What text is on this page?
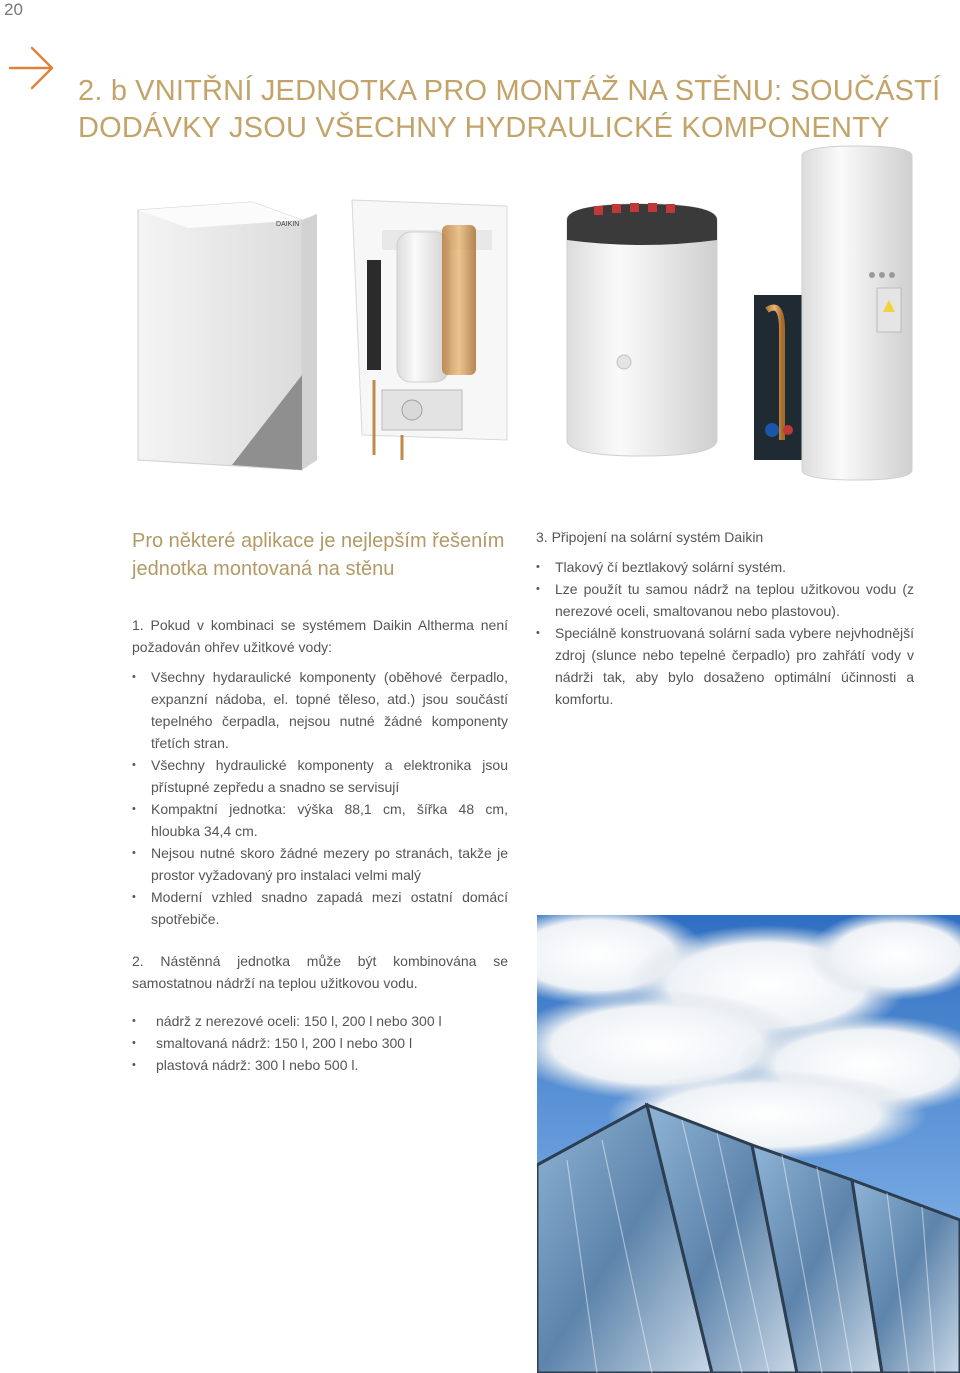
20
2. b VNITŘNÍ JEDNOTKA PRO MONTÁŽ NA STĚNU: SOUČÁSTÍ DODÁVKY JSOU VŠECHNY HYDRAULICKÉ KOMPONENTY
DAIKIN
Pro některé aplikace je nejlepším řešením jednotka montovaná na stěnu

1. Pokud v kombinaci se systémem Daikin Altherma není požadován ohřev užitkové vody:

• Všechny hydaraulické komponenty (oběhové čerpadlo, expanzní nádoba, el. topné těleso, atd.) jsou součástí tepelného čerpadla, nejsou nutné žádné komponenty třetích stran.
• Všechny hydraulické komponenty a elektronika jsou přístupné zepředu a snadno se servisují
• Kompaktní jednotka: výška 88,1 cm, šířka 48 cm, hloubka 34,4 cm.
• Nejsou nutné skoro žádné mezery po stranách, takže je prostor vyžadovaný pro instalaci velmi malý
• Moderní vzhled snadno zapadá mezi ostatní domácí spotřebiče.

2. Nástěnná jednotka může být kombinována se samostatnou nádrží na teplou užitkovou vodu.

• nádrž z nerezové oceli: 150 l, 200 l nebo 300 l
• smaltovaná nádrž: 150 l, 200 l nebo 300 l
• plastová nádrž: 300 l nebo 500 l.

3. Připojení na solární systém Daikin

• Tlakový čí beztlakový solární systém.
• Lze použít tu samou nádrž na teplou užitkovou vodu (z nerezové oceli, smaltovanou nebo plastovou).
• Speciálně konstruovaná solární sada vybere nejvhodnější zdroj (slunce nebo tepelné čerpadlo) pro zahřátí vody v nádrži tak, aby bylo dosaženo optimální účinnosti a komfortu.
